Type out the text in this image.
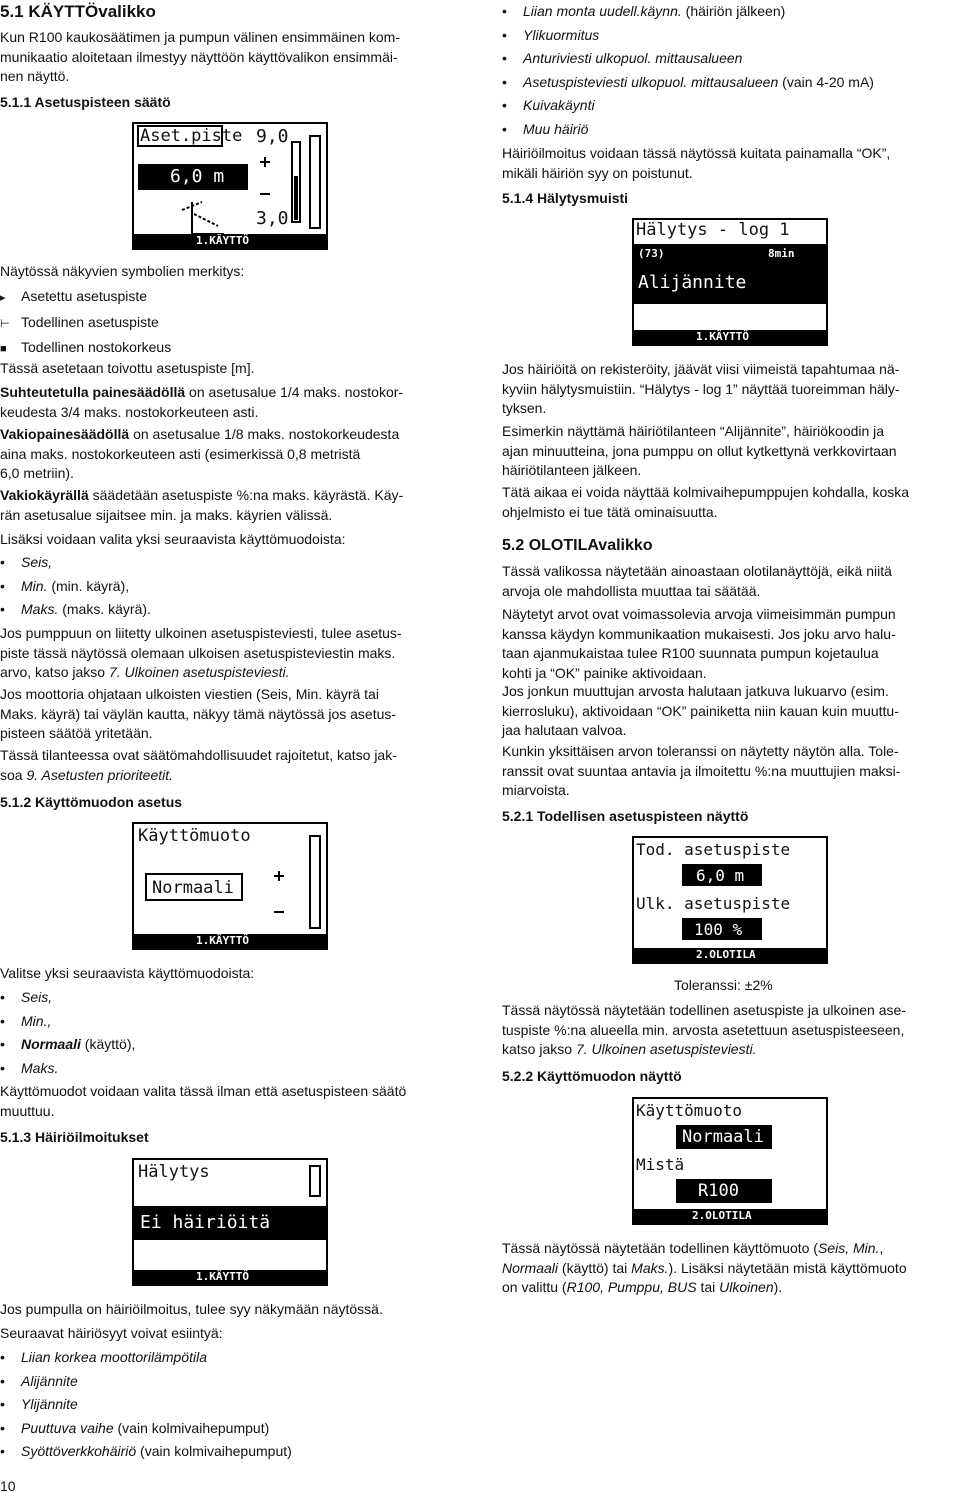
5.1 KÄYTTÖvalikko
Kun R100 kaukosäätimen ja pumpun välinen ensimmäinen kom-
munikaatio aloitetaan ilmestyy näyttöön käyttövalikon ensimmäi-
nen näyttö.
5.1.1 Asetuspisteen säätö
Aset.piste 9,0
6,0 m
3,0
1.KÄYTTÖ
Näytössä näkyvien symbolien merkitys:
▸ Asetettu asetuspiste
⊢ Todellinen asetuspiste
■ Todellinen nostokorkeus
Tässä asetetaan toivottu asetuspiste [m].
Suhteutetulla painesäädöllä on asetusalue 1/4 maks. nostokor-
keudesta 3/4 maks. nostokorkeuteen asti.
Vakiopainesäädöllä on asetusalue 1/8 maks. nostokorkeudesta
aina maks. nostokorkeuteen asti (esimerkissä 0,8 metristä
6,0 metriin).
Vakiokäyrällä säädetään asetuspiste %:na maks. käyrästä. Käy-
rän asetusalue sijaitsee min. ja maks. käyrien välissä.
Lisäksi voidaan valita yksi seuraavista käyttömuodoista:
• Seis,
• Min. (min. käyrä),
• Maks. (maks. käyrä).
Jos pumppuun on liitetty ulkoinen asetuspisteviesti, tulee asetus-
piste tässä näytössä olemaan ulkoisen asetuspisteviestin maks.
arvo, katso jakso 7. Ulkoinen asetuspisteviesti.
Jos moottoria ohjataan ulkoisten viestien (Seis, Min. käyrä tai
Maks. käyrä) tai väylän kautta, näkyy tämä näytössä jos asetus-
pisteen säätöä yritetään.
Tässä tilanteessa ovat säätömahdollisuudet rajoitetut, katso jak-
soa 9. Asetusten prioriteetit.
5.1.2 Käyttömuodon asetus
Käyttömuoto
Normaali
1.KÄYTTÖ
Valitse yksi seuraavista käyttömuodoista:
• Seis,
• Min.,
• Normaali (käyttö),
• Maks.
Käyttömuodot voidaan valita tässä ilman että asetuspisteen säätö
muuttuu.
5.1.3 Häiriöilmoitukset
Hälytys
Ei häiriöitä
1.KÄYTTÖ
Jos pumpulla on häiriöilmoitus, tulee syy näkymään näytössä.
Seuraavat häiriösyyt voivat esiintyä:
• Liian korkea moottorilämpötila
• Alijännite
• Ylijännite
• Puuttuva vaihe (vain kolmivaihepumput)
• Syöttöverkkohäiriö (vain kolmivaihepumput)
10
• Liian monta uudell.käynn. (häiriön jälkeen)
• Ylikuormitus
• Anturiviesti ulkopuol. mittausalueen
• Asetuspisteviesti ulkopuol. mittausalueen (vain 4-20 mA)
• Kuivakäynti
• Muu häiriö
Häiriöilmoitus voidaan tässä näytössä kuitata painamalla “OK”,
mikäli häiriön syy on poistunut.
5.1.4 Hälytysmuisti
Hälytys - log 1
(73)	8min
Alijännite
1.KÄYTTÖ
Jos häiriöitä on rekisteröity, jäävät viisi viimeistä tapahtumaa nä-
kyviin hälytysmuistiin. “Hälytys - log 1” näyttää tuoreimman häly-
tyksen.
Esimerkin näyttämä häiriötilanteen “Alijännite”, häiriökoodin ja
ajan minuutteina, jona pumppu on ollut kytkettynä verkkovirtaan
häiriötilanteen jälkeen.
Tätä aikaa ei voida näyttää kolmivaihepumppujen kohdalla, koska
ohjelmisto ei tue tätä ominaisuutta.
5.2 OLOTILAvalikko
Tässä valikossa näytetään ainoastaan olotilanäyttöjä, eikä niitä
arvoja ole mahdollista muuttaa tai säätää.
Näytetyt arvot ovat voimassolevia arvoja viimeisimmän pumpun
kanssa käydyn kommunikaation mukaisesti. Jos joku arvo halu-
taan ajanmukaistaa tulee R100 suunnata pumpun kojetaulua
kohti ja “OK” painike aktivoidaan.
Jos jonkun muuttujan arvosta halutaan jatkuva lukuarvo (esim.
kierrosluku), aktivoidaan “OK” painiketta niin kauan kuin muuttu-
jaa halutaan valvoa.
Kunkin yksittäisen arvon toleranssi on näytetty näytön alla. Tole-
ranssit ovat suuntaa antavia ja ilmoitettu %:na muuttujien maksi-
miarvoista.
5.2.1 Todellisen asetuspisteen näyttö
Tod. asetuspiste
6,0 m
Ulk. asetuspiste
100 %
2.OLOTILA
Toleranssi: ±2%
Tässä näytössä näytetään todellinen asetuspiste ja ulkoinen ase-
tuspiste %:na alueella min. arvosta asetettuun asetuspisteeseen,
katso jakso 7. Ulkoinen asetuspisteviesti.
5.2.2 Käyttömuodon näyttö
Käyttömuoto
Normaali
Mistä
R100
2.OLOTILA
Tässä näytössä näytetään todellinen käyttömuoto (Seis, Min.,
Normaali (käyttö) tai Maks.). Lisäksi näytetään mistä käyttömuoto
on valittu (R100, Pumppu, BUS tai Ulkoinen).
